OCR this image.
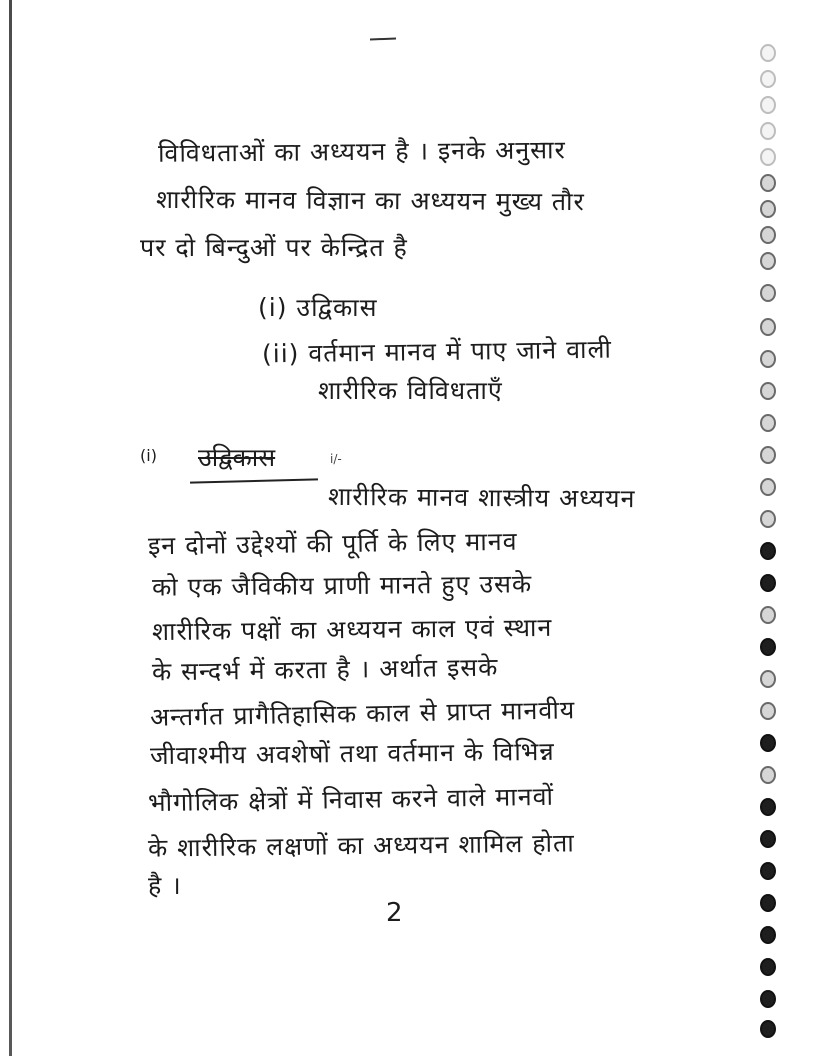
विविधताओं का अध्ययन है । इनके अनुसार
शारीरिक मानव विज्ञान का अध्ययन मुख्य तौर
पर दो बिन्दुओं पर केन्द्रित है
(i) उद्विकास
(ii) वर्तमान मानव में पाए जाने वाली
शारीरिक विविधताएँ
(i) उद्विकास	i/-
शारीरिक मानव शास्त्रीय अध्ययन
इन दोनों उद्देश्यों की पूर्ति के लिए मानव
को एक जैविकीय प्राणी मानते हुए उसके
शारीरिक पक्षों का अध्ययन काल एवं स्थान
के सन्दर्भ में करता है । अर्थात इसके
अन्तर्गत प्रागैतिहासिक काल से प्राप्त मानवीय
जीवाश्मीय अवशेषों तथा वर्तमान के विभिन्न
भौगोलिक क्षेत्रों में निवास करने वाले मानवों
के शारीरिक लक्षणों का अध्ययन शामिल होता
है ।
2
